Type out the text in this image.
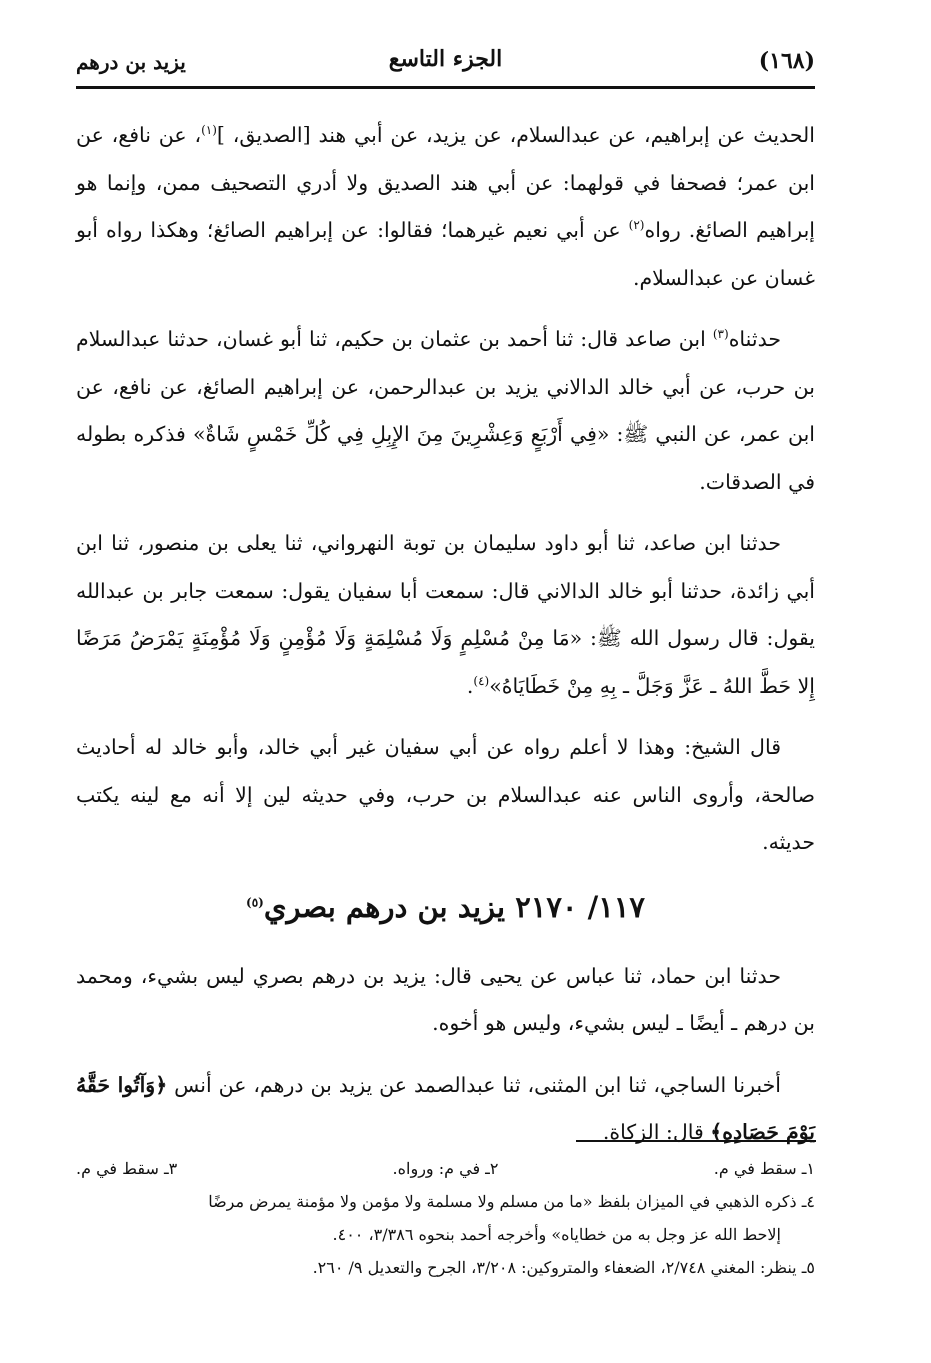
(١٦٨)
الجزء التاسع
يزيد بن درهم

الحديث عن إبراهيم، عن عبدالسلام، عن يزيد، عن أبي هند [الصديق، ]$^{(١)}$، عن نافع، عن ابن عمر؛ فصحفا في قولهما: عن أبي هند الصديق ولا أدري التصحيف ممن، وإنما هو إبراهيم الصائغ. رواه$^{(٢)}$ عن أبي نعيم غيرهما؛ فقالوا: عن إبراهيم الصائغ؛ وهكذا رواه أبو غسان عن عبدالسلام.

حدثناه$^{(٣)}$ ابن صاعد قال: ثنا أحمد بن عثمان بن حكيم، ثنا أبو غسان، حدثنا عبدالسلام بن حرب، عن أبي خالد الدالاني يزيد بن عبدالرحمن، عن إبراهيم الصائغ، عن نافع، عن ابن عمر، عن النبي ﷺ: «فِي أَرْبَعٍ وَعِشْرِينَ مِنَ الإِبِلِ فِي كُلِّ خَمْسٍ شَاةٌ» فذكره بطوله في الصدقات.

حدثنا ابن صاعد، ثنا أبو داود سليمان بن توبة النهرواني، ثنا يعلى بن منصور، ثنا ابن أبي زائدة، حدثنا أبو خالد الدالاني قال: سمعت أبا سفيان يقول: سمعت جابر بن عبدالله يقول: قال رسول الله ﷺ: «مَا مِنْ مُسْلِمٍ وَلَا مُسْلِمَةٍ وَلَا مُؤْمِنٍ وَلَا مُؤْمِنَةٍ يَمْرَضُ مَرَضًا إِلا حَطَّ اللهُ ـ عَزَّ وَجَلَّ ـ بِهِ مِنْ خَطَايَاهُ»$^{(٤)}$.

قال الشيخ: وهذا لا أعلم رواه عن أبي سفيان غير أبي خالد، وأبو خالد له أحاديث صالحة، وأروى الناس عنه عبدالسلام بن حرب، وفي حديثه لين إلا أنه مع لينه يكتب حديثه.

١١٧/ ٢١٧٠ يزيد بن درهم بصري$^{(٥)}$

حدثنا ابن حماد، ثنا عباس عن يحيى قال: يزيد بن درهم بصري ليس بشيء، ومحمد بن درهم ـ أيضًا ـ ليس بشيء، وليس هو أخوه.

أخبرنا الساجي، ثنا ابن المثنى، ثنا عبدالصمد عن يزيد بن درهم، عن أنس ﴿وَآتُوا حَقَّهُ يَوْمَ حَصَادِهِ﴾ قال: الزكاة.

١ـ سقط في م.
٢ـ في م: ورواه.
٣ـ سقط في م.

٤ـ ذكره الذهبي في الميزان بلفظ «ما من مسلم ولا مسلمة ولا مؤمن ولا مؤمنة يمرض مرضًا

إلاحط الله عز وجل به من خطاياه» وأخرجه أحمد بنحوه ٣/٣٨٦، ٤٠٠.

٥ـ ينظر: المغني ٢/٧٤٨، الضعفاء والمتروكين: ٣/٢٠٨، الجرح والتعديل ٩/ ٢٦٠.
